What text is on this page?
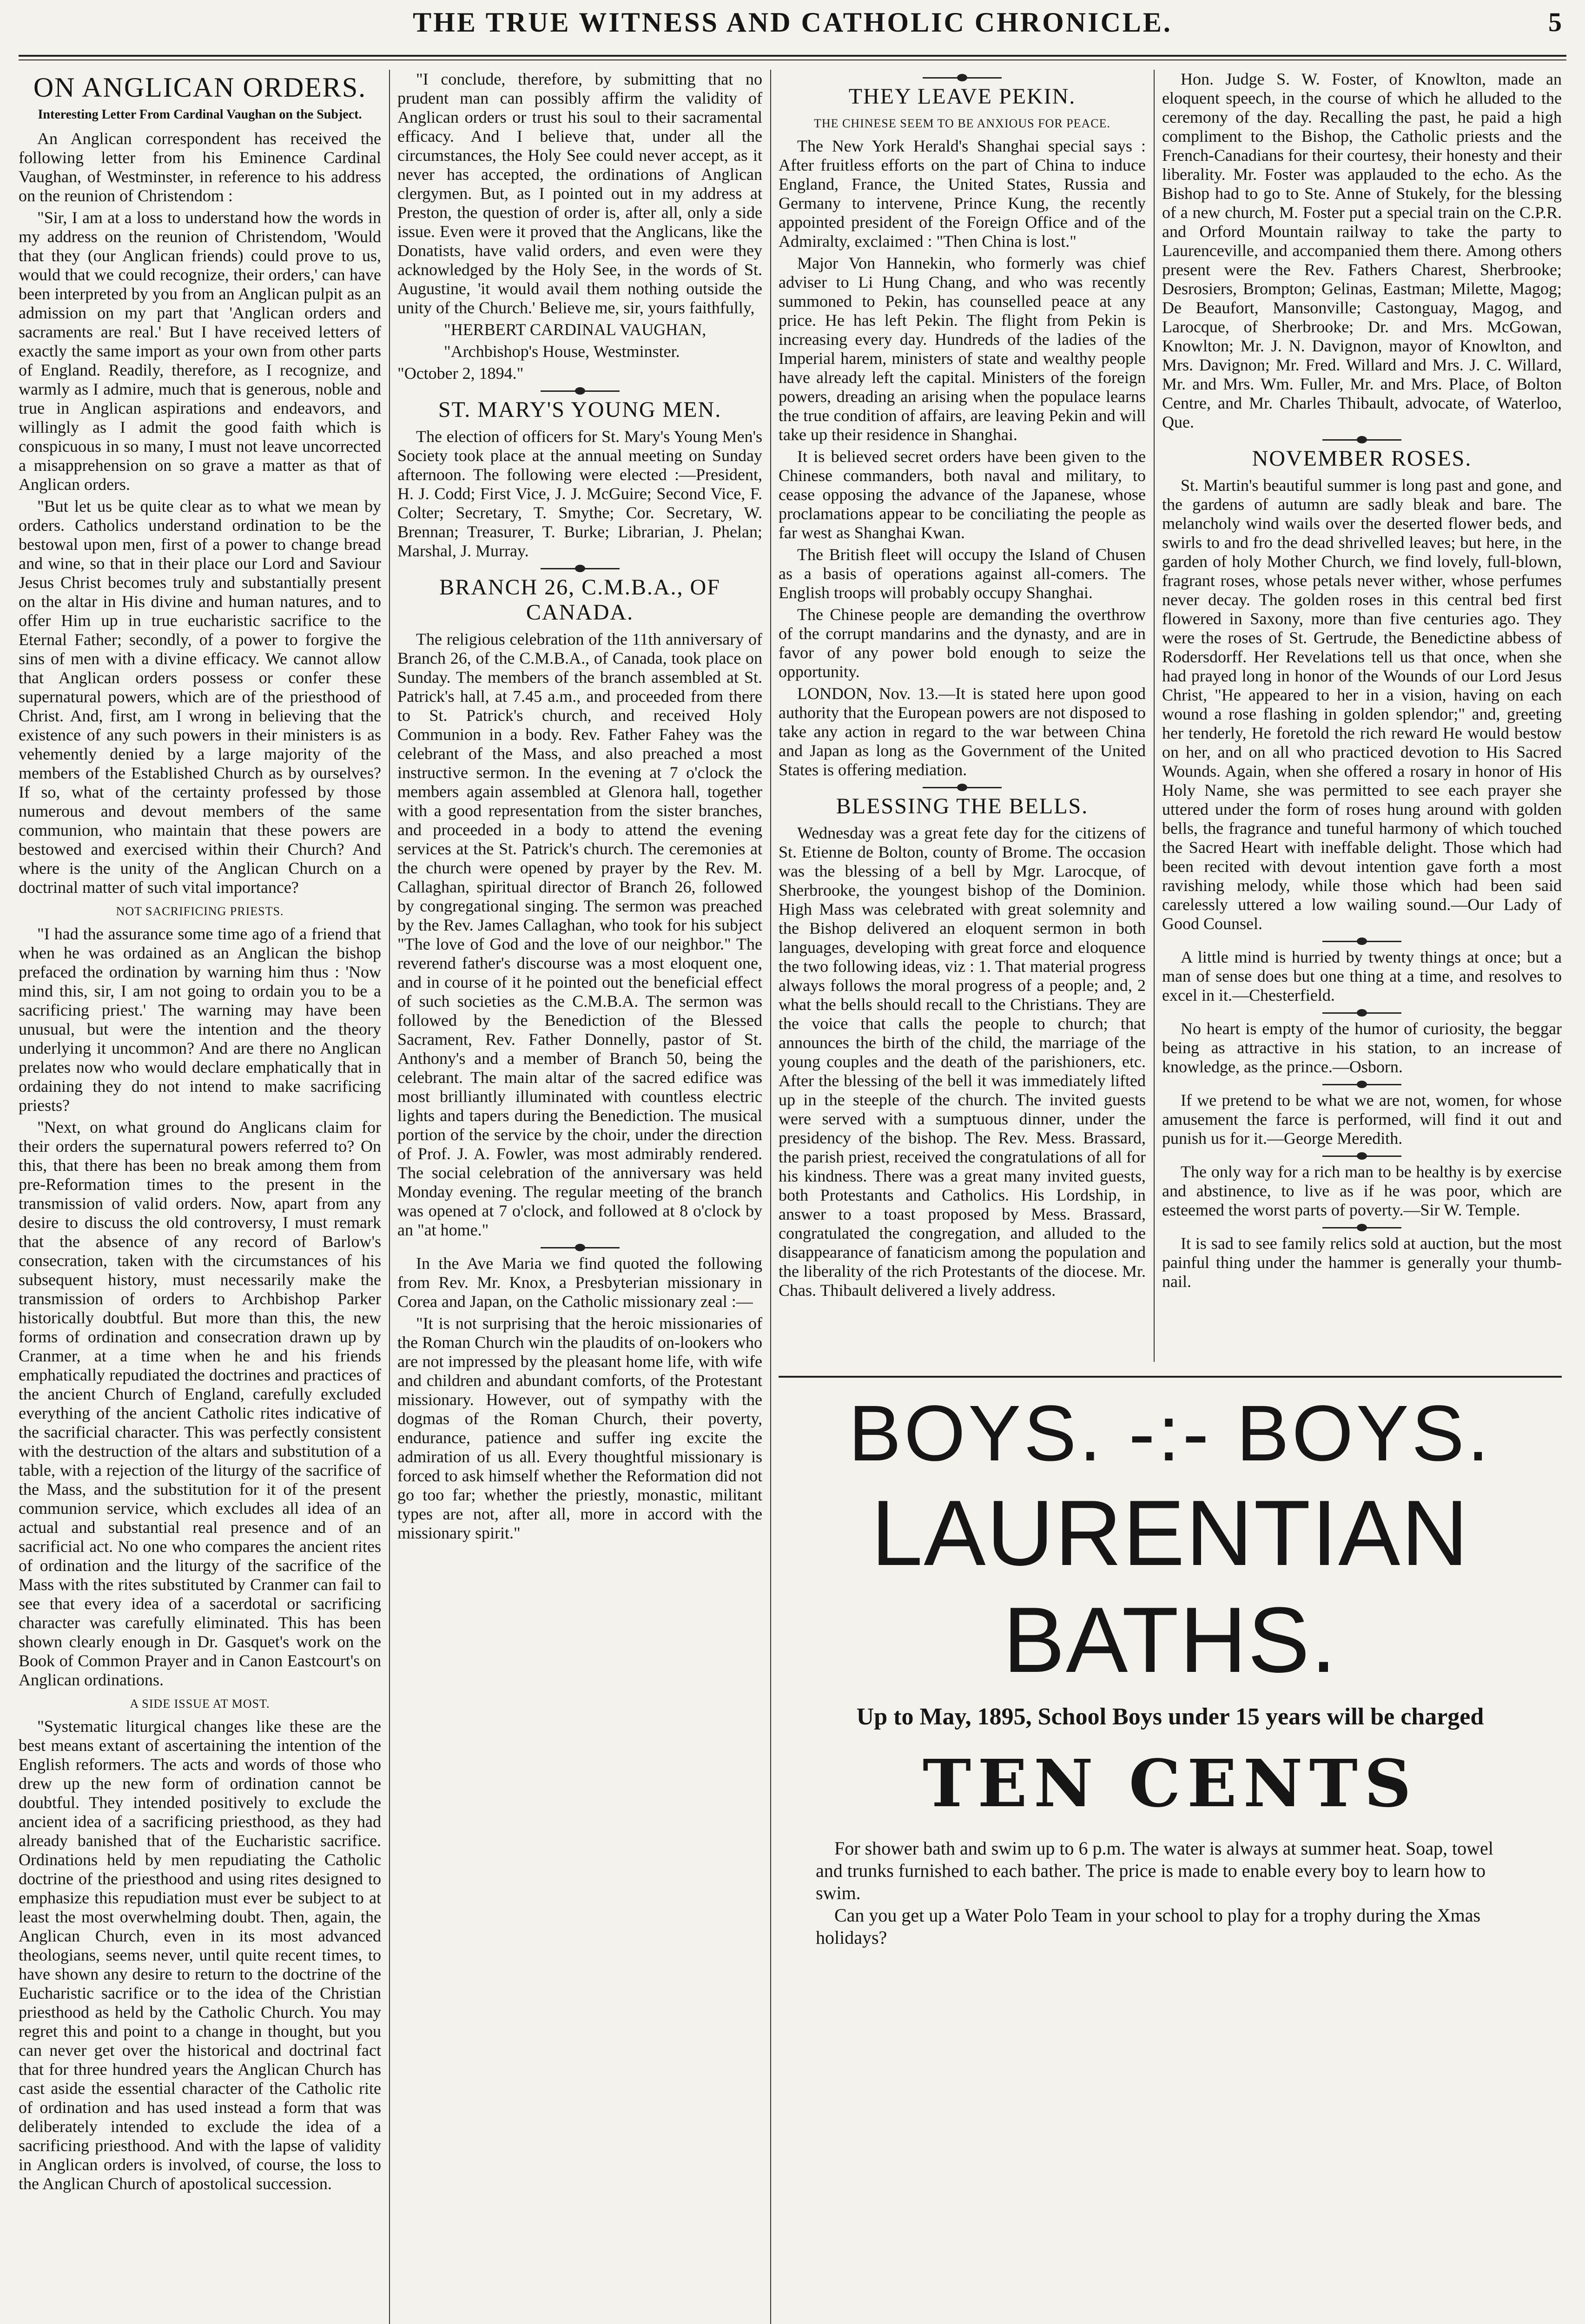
THE TRUE WITNESS AND CATHOLIC CHRONICLE.	5
ON ANGLICAN ORDERS.
Interesting Letter From Cardinal Vaughan on the Subject.

An Anglican correspondent has received the following letter from his Eminence Cardinal Vaughan, of Westminster, in reference to his address on the reunion of Christendom :

"Sir, I am at a loss to understand how the words in my address on the reunion of Christendom, 'Would that they (our Anglican friends) could prove to us, would that we could recognize, their orders,' can have been interpreted by you from an Anglican pulpit as an admission on my part that 'Anglican orders and sacraments are real.' But I have received letters of exactly the same import as your own from other parts of England. Readily, therefore, as I recognize, and warmly as I admire, much that is generous, noble and true in Anglican aspirations and endeavors, and willingly as I admit the good faith which is conspicuous in so many, I must not leave uncorrected a misapprehension on so grave a matter as that of Anglican orders.

"But let us be quite clear as to what we mean by orders. Catholics understand ordination to be the bestowal upon men, first of a power to change bread and wine, so that in their place our Lord and Saviour Jesus Christ becomes truly and substantially present on the altar in His divine and human natures, and to offer Him up in true eucharistic sacrifice to the Eternal Father; secondly, of a power to forgive the sins of men with a divine efficacy. We cannot allow that Anglican orders possess or confer these supernatural powers, which are of the priesthood of Christ. And, first, am I wrong in believing that the existence of any such powers in their ministers is as vehemently denied by a large majority of the members of the Established Church as by ourselves? If so, what of the certainty professed by those numerous and devout members of the same communion, who maintain that these powers are bestowed and exercised within their Church? And where is the unity of the Anglican Church on a doctrinal matter of such vital importance?

NOT SACRIFICING PRIESTS.

"I had the assurance some time ago of a friend that when he was ordained as an Anglican the bishop prefaced the ordination by warning him thus : 'Now mind this, sir, I am not going to ordain you to be a sacrificing priest.' The warning may have been unusual, but were the intention and the theory underlying it uncommon? And are there no Anglican prelates now who would declare emphatically that in ordaining they do not intend to make sacrificing priests?

"Next, on what ground do Anglicans claim for their orders the supernatural powers referred to? On this, that there has been no break among them from pre-Reformation times to the present in the transmission of valid orders. Now, apart from any desire to discuss the old controversy, I must remark that the absence of any record of Barlow's consecration, taken with the circumstances of his subsequent history, must necessarily make the transmission of orders to Archbishop Parker historically doubtful. But more than this, the new forms of ordination and consecration drawn up by Cranmer, at a time when he and his friends emphatically repudiated the doctrines and practices of the ancient Church of England, carefully excluded everything of the ancient Catholic rites indicative of the sacrificial character. This was perfectly consistent with the destruction of the altars and substitution of a table, with a rejection of the liturgy of the sacrifice of the Mass, and the substitution for it of the present communion service, which excludes all idea of an actual and substantial real presence and of an sacrificial act. No one who compares the ancient rites of ordination and the liturgy of the sacrifice of the Mass with the rites substituted by Cranmer can fail to see that every idea of a sacerdotal or sacrificing character was carefully eliminated. This has been shown clearly enough in Dr. Gasquet's work on the Book of Common Prayer and in Canon Eastcourt's on Anglican ordinations.

A SIDE ISSUE AT MOST.

"Systematic liturgical changes like these are the best means extant of ascertaining the intention of the English reformers. The acts and words of those who drew up the new form of ordination cannot be doubtful. They intended positively to exclude the ancient idea of a sacrificing priesthood, as they had already banished that of the Eucharistic sacrifice. Ordinations held by men repudiating the Catholic doctrine of the priesthood and using rites designed to emphasize this repudiation must ever be subject to at least the most overwhelming doubt. Then, again, the Anglican Church, even in its most advanced theologians, seems never, until quite recent times, to have shown any desire to return to the doctrine of the Eucharistic sacrifice or to the idea of the Christian priesthood as held by the Catholic Church. You may regret this and point to a change in thought, but you can never get over the historical and doctrinal fact that for three hundred years the Anglican Church has cast aside the essential character of the Catholic rite of ordination and has used instead a form that was deliberately intended to exclude the idea of a sacrificing priesthood. And with the lapse of validity in Anglican orders is involved, of course, the loss to the Anglican Church of apostolical succession.

"I conclude, therefore, by submitting that no prudent man can possibly affirm the validity of Anglican orders or trust his soul to their sacramental efficacy. And I believe that, under all the circumstances, the Holy See could never accept, as it never has accepted, the ordinations of Anglican clergymen. But, as I pointed out in my address at Preston, the question of order is, after all, only a side issue. Even were it proved that the Anglicans, like the Donatists, have valid orders, and even were they acknowledged by the Holy See, in the words of St. Augustine, 'it would avail them nothing outside the unity of the Church.' Believe me, sir, yours faithfully,

"HERBERT CARDINAL VAUGHAN,

"Archbishop's House, Westminster.

"October 2, 1894."

ST. MARY'S YOUNG MEN.

The election of officers for St. Mary's Young Men's Society took place at the annual meeting on Sunday afternoon. The following were elected :—President, H. J. Codd; First Vice, J. J. McGuire; Second Vice, F. Colter; Secretary, T. Smythe; Cor. Secretary, W. Brennan; Treasurer, T. Burke; Librarian, J. Phelan; Marshal, J. Murray.

BRANCH 26, C.M.B.A., OF CANADA.

The religious celebration of the 11th anniversary of Branch 26, of the C.M.B.A., of Canada, took place on Sunday. The members of the branch assembled at St. Patrick's hall, at 7.45 a.m., and proceeded from there to St. Patrick's church, and received Holy Communion in a body. Rev. Father Fahey was the celebrant of the Mass, and also preached a most instructive sermon. In the evening at 7 o'clock the members again assembled at Glenora hall, together with a good representation from the sister branches, and proceeded in a body to attend the evening services at the St. Patrick's church. The ceremonies at the church were opened by prayer by the Rev. M. Callaghan, spiritual director of Branch 26, followed by congregational singing. The sermon was preached by the Rev. James Callaghan, who took for his subject "The love of God and the love of our neighbor." The reverend father's discourse was a most eloquent one, and in course of it he pointed out the beneficial effect of such societies as the C.M.B.A. The sermon was followed by the Benediction of the Blessed Sacrament, Rev. Father Donnelly, pastor of St. Anthony's and a member of Branch 50, being the celebrant. The main altar of the sacred edifice was most brilliantly illuminated with countless electric lights and tapers during the Benediction. The musical portion of the service by the choir, under the direction of Prof. J. A. Fowler, was most admirably rendered. The social celebration of the anniversary was held Monday evening. The regular meeting of the branch was opened at 7 o'clock, and followed at 8 o'clock by an "at home."

In the Ave Maria we find quoted the following from Rev. Mr. Knox, a Presbyterian missionary in Corea and Japan, on the Catholic missionary zeal :—

"It is not surprising that the heroic missionaries of the Roman Church win the plaudits of on-lookers who are not impressed by the pleasant home life, with wife and children and abundant comforts, of the Protestant missionary. However, out of sympathy with the dogmas of the Roman Church, their poverty, endurance, patience and suffer ing excite the admiration of us all. Every thoughtful missionary is forced to ask himself whether the Reformation did not go too far; whether the priestly, monastic, militant types are not, after all, more in accord with the missionary spirit."

THEY LEAVE PEKIN.
THE CHINESE SEEM TO BE ANXIOUS FOR PEACE.

The New York Herald's Shanghai special says : After fruitless efforts on the part of China to induce England, France, the United States, Russia and Germany to intervene, Prince Kung, the recently appointed president of the Foreign Office and of the Admiralty, exclaimed : "Then China is lost."

Major Von Hannekin, who formerly was chief adviser to Li Hung Chang, and who was recently summoned to Pekin, has counselled peace at any price. He has left Pekin. The flight from Pekin is increasing every day. Hundreds of the ladies of the Imperial harem, ministers of state and wealthy people have already left the capital. Ministers of the foreign powers, dreading an arising when the populace learns the true condition of affairs, are leaving Pekin and will take up their residence in Shanghai.

It is believed secret orders have been given to the Chinese commanders, both naval and military, to cease opposing the advance of the Japanese, whose proclamations appear to be conciliating the people as far west as Shanghai Kwan.

The British fleet will occupy the Island of Chusen as a basis of operations against all-comers. The English troops will probably occupy Shanghai.

The Chinese people are demanding the overthrow of the corrupt mandarins and the dynasty, and are in favor of any power bold enough to seize the opportunity.

LONDON, Nov. 13.—It is stated here upon good authority that the European powers are not disposed to take any action in regard to the war between China and Japan as long as the Government of the United States is offering mediation.

BLESSING THE BELLS.

Wednesday was a great fete day for the citizens of St. Etienne de Bolton, county of Brome. The occasion was the blessing of a bell by Mgr. Larocque, of Sherbrooke, the youngest bishop of the Dominion. High Mass was celebrated with great solemnity and the Bishop delivered an eloquent sermon in both languages, developing with great force and eloquence the two following ideas, viz : 1. That material progress always follows the moral progress of a people; and, 2 what the bells should recall to the Christians. They are the voice that calls the people to church; that announces the birth of the child, the marriage of the young couples and the death of the parishioners, etc. After the blessing of the bell it was immediately lifted up in the steeple of the church. The invited guests were served with a sumptuous dinner, under the presidency of the bishop. The Rev. Mess. Brassard, the parish priest, received the congratulations of all for his kindness. There was a great many invited guests, both Protestants and Catholics. His Lordship, in answer to a toast proposed by Mess. Brassard, congratulated the congregation, and alluded to the disappearance of fanaticism among the population and the liberality of the rich Protestants of the diocese. Mr. Chas. Thibault delivered a lively address.

Hon. Judge S. W. Foster, of Knowlton, made an eloquent speech, in the course of which he alluded to the ceremony of the day. Recalling the past, he paid a high compliment to the Bishop, the Catholic priests and the French-Canadians for their courtesy, their honesty and their liberality. Mr. Foster was applauded to the echo. As the Bishop had to go to Ste. Anne of Stukely, for the blessing of a new church, M. Foster put a special train on the C.P.R. and Orford Mountain railway to take the party to Laurenceville, and accompanied them there. Among others present were the Rev. Fathers Charest, Sherbrooke; Desrosiers, Brompton; Gelinas, Eastman; Milette, Magog; De Beaufort, Mansonville; Castonguay, Magog, and Larocque, of Sherbrooke; Dr. and Mrs. McGowan, Knowlton; Mr. J. N. Davignon, mayor of Knowlton, and Mrs. Davignon; Mr. Fred. Willard and Mrs. J. C. Willard, Mr. and Mrs. Wm. Fuller, Mr. and Mrs. Place, of Bolton Centre, and Mr. Charles Thibault, advocate, of Waterloo, Que.

NOVEMBER ROSES.

St. Martin's beautiful summer is long past and gone, and the gardens of autumn are sadly bleak and bare. The melancholy wind wails over the deserted flower beds, and swirls to and fro the dead shrivelled leaves; but here, in the garden of holy Mother Church, we find lovely, full-blown, fragrant roses, whose petals never wither, whose perfumes never decay. The golden roses in this central bed first flowered in Saxony, more than five centuries ago. They were the roses of St. Gertrude, the Benedictine abbess of Rodersdorff. Her Revelations tell us that once, when she had prayed long in honor of the Wounds of our Lord Jesus Christ, "He appeared to her in a vision, having on each wound a rose flashing in golden splendor;" and, greeting her tenderly, He foretold the rich reward He would bestow on her, and on all who practiced devotion to His Sacred Wounds. Again, when she offered a rosary in honor of His Holy Name, she was permitted to see each prayer she uttered under the form of roses hung around with golden bells, the fragrance and tuneful harmony of which touched the Sacred Heart with ineffable delight. Those which had been recited with devout intention gave forth a most ravishing melody, while those which had been said carelessly uttered a low wailing sound.—Our Lady of Good Counsel.

A little mind is hurried by twenty things at once; but a man of sense does but one thing at a time, and resolves to excel in it.—Chesterfield.

No heart is empty of the humor of curiosity, the beggar being as attractive in his station, to an increase of knowledge, as the prince.—Osborn.

If we pretend to be what we are not, women, for whose amusement the farce is performed, will find it out and punish us for it.—George Meredith.

The only way for a rich man to be healthy is by exercise and abstinence, to live as if he was poor, which are esteemed the worst parts of poverty.—Sir W. Temple.

It is sad to see family relics sold at auction, but the most painful thing under the hammer is generally your thumb-nail.

BOYS. -:- BOYS.
LAURENTIAN BATHS.
Up to May, 1895, School Boys under 15 years will be charged
TEN CENTS

For shower bath and swim up to 6 p.m. The water is always at summer heat. Soap, towel and trunks furnished to each bather. The price is made to enable every boy to learn how to swim.

Can you get up a Water Polo Team in your school to play for a trophy during the Xmas holidays?
